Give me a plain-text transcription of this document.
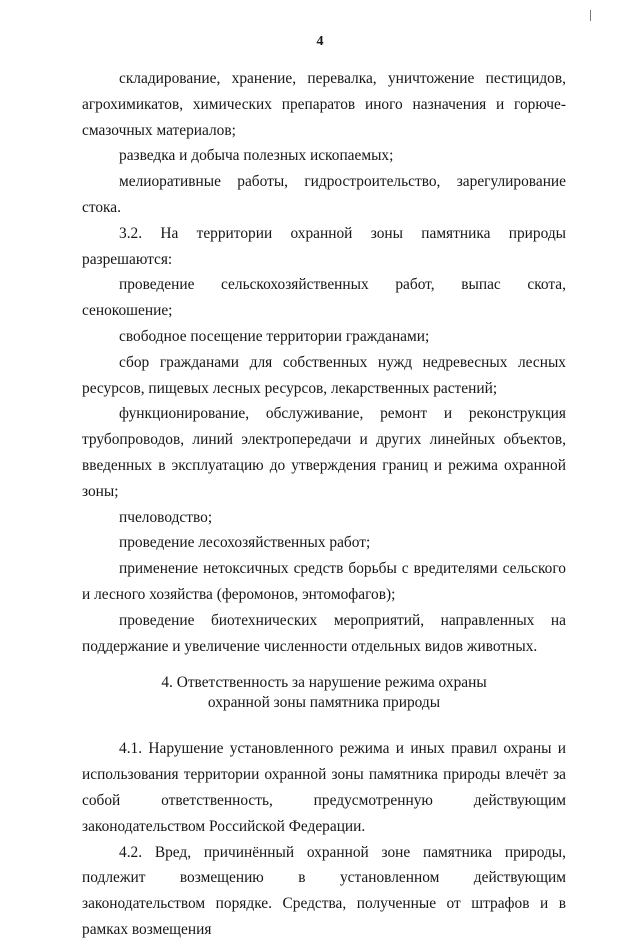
4

складирование, хранение, перевалка, уничтожение пестицидов, агрохимикатов, химических препаратов иного назначения и горюче-смазочных материалов;

разведка и добыча полезных ископаемых;

мелиоративные работы, гидростроительство, зарегулирование стока.

3.2. На территории охранной зоны памятника природы разрешаются:

проведение сельскохозяйственных работ, выпас скота, сенокошение;

свободное посещение территории гражданами;

сбор гражданами для собственных нужд недревесных лесных ресурсов, пищевых лесных ресурсов, лекарственных растений;

функционирование, обслуживание, ремонт и реконструкция трубопроводов, линий электропередачи и других линейных объектов, введенных в эксплуатацию до утверждения границ и режима охранной зоны;

пчеловодство;

проведение лесохозяйственных работ;

применение нетоксичных средств борьбы с вредителями сельского и лесного хозяйства (феромонов, энтомофагов);

проведение биотехнических мероприятий, направленных на поддержание и увеличение численности отдельных видов животных.

4. Ответственность за нарушение режима охраны
охранной зоны памятника природы

4.1. Нарушение установленного режима и иных правил охраны и использования территории охранной зоны памятника природы влечёт за собой ответственность, предусмотренную действующим законодательством Российской Федерации.

4.2. Вред, причинённый охранной зоне памятника природы, подлежит возмещению в установленном действующим законодательством порядке. Средства, полученные от штрафов и в рамках возмещения
